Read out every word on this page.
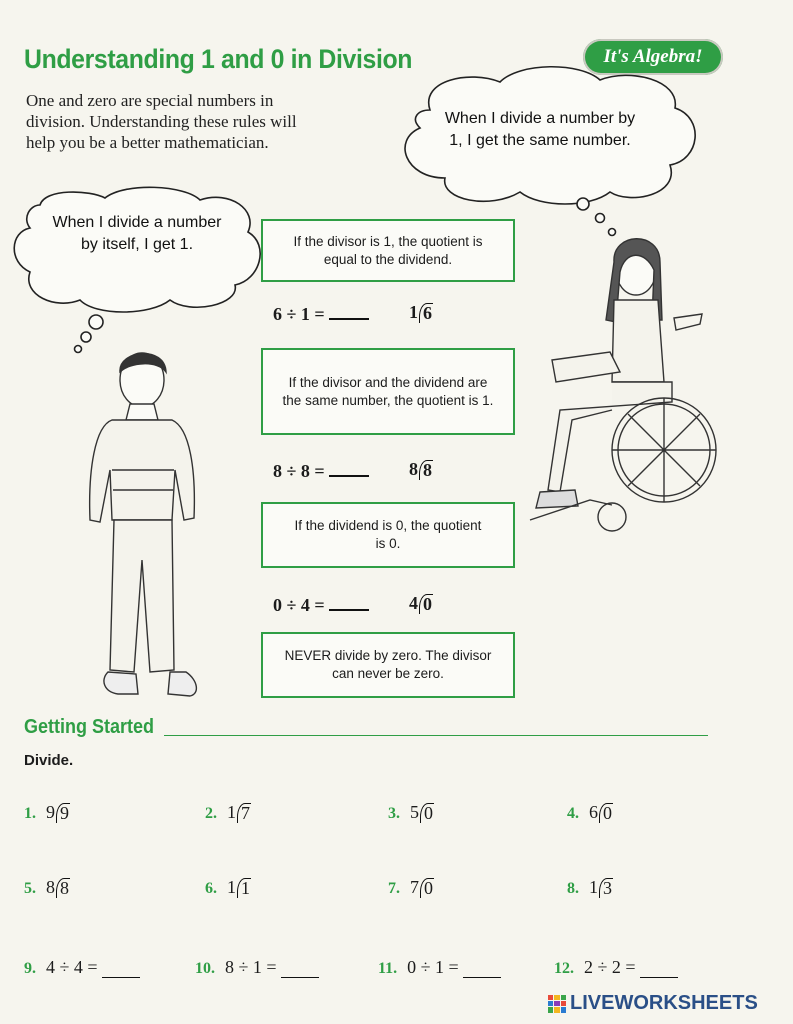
Understanding 1 and 0 in Division
One and zero are special numbers in division. Understanding these rules will help you be a better mathematician.
It's Algebra!
When I divide a number by 1, I get the same number.
When I divide a number by itself, I get 1.	If the divisor is 1, the quotient is equal to the dividend.
6 ÷ 1 =	1 6
If the divisor and the dividend are the same number, the quotient is 1.
8 ÷ 8 =	8 8
If the dividend is 0, the quotient is 0.
0 ÷ 4 =	4 0
NEVER divide by zero. The divisor can never be zero.
Getting Started
Divide.
1. 9 9	2. 1 7	3. 5 0	4. 6 0
5. 8 8	6. 1 1	7. 7 0	8. 1 3
9. 4 ÷ 4 =	10. 8 ÷ 1 =	11. 0 ÷ 1 =	12. 2 ÷ 2 =
LIVEWORKSHEETS
